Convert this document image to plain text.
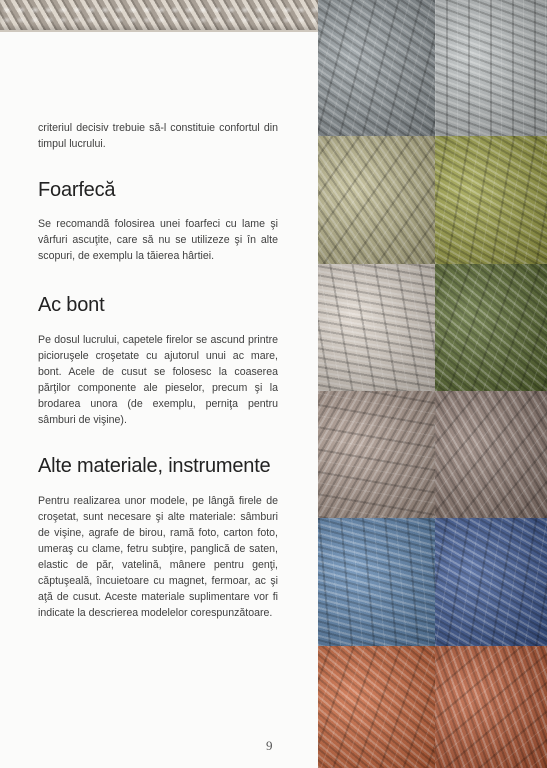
criteriul decisiv trebuie să-l constituie confortul din timpul lucrului.

Foarfecă

Se recomandă folosirea unei foarfeci cu lame şi vârfuri ascuţite, care să nu se utilizeze şi în alte scopuri, de exemplu la tăierea hârtiei.

Ac bont

Pe dosul lucrului, capetele firelor se ascund printre picioruşele croşetate cu ajutorul unui ac mare, bont. Acele de cusut se folosesc la coaserea părţilor componente ale pieselor, precum şi la brodarea unora (de exemplu, perniţa pentru sâmburi de vişine).

Alte materiale, instrumente

Pentru realizarea unor modele, pe lângă firele de croşetat, sunt necesare şi alte materiale: sâmburi de vişine, agrafe de birou, ramă foto, carton foto, umeraş cu clame, fetru subţire, panglică de saten, elastic de păr, vatelină, mânere pentru genţi, căptuşeală, încuietoare cu magnet, fermoar, ac şi aţă de cusut. Aceste materiale suplimentare vor fi indicate la descrierea modelelor corespunzătoare.

9
